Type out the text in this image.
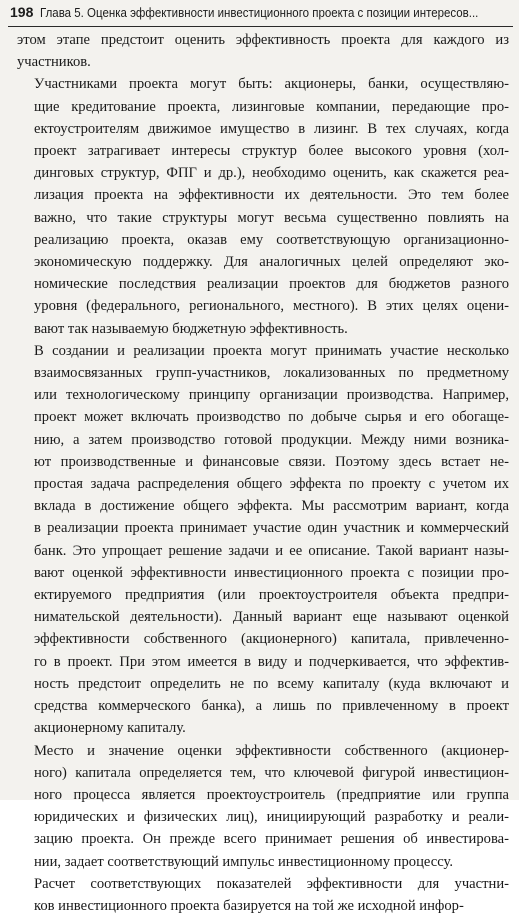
198 Глава 5. Оценка эффективности инвестиционного проекта с позиции интересов...

этом этапе предстоит оценить эффективность проекта для каждого из
участников.

Участниками проекта могут быть: акционеры, банки, осуществляю-
щие кредитование проекта, лизинговые компании, передающие про-
ектоустроителям движимое имущество в лизинг. В тех случаях, когда
проект затрагивает интересы структур более высокого уровня (хол-
динговых структур, ФПГ и др.), необходимо оценить, как скажется реа-
лизация проекта на эффективности их деятельности. Это тем более
важно, что такие структуры могут весьма существенно повлиять на
реализацию проекта, оказав ему соответствующую организационно-
экономическую поддержку. Для аналогичных целей определяют эко-
номические последствия реализации проектов для бюджетов разного
уровня (федерального, регионального, местного). В этих целях оцени-
вают так называемую бюджетную эффективность.

В создании и реализации проекта могут принимать участие несколько
взаимосвязанных групп-участников, локализованных по предметному
или технологическому принципу организации производства. Например,
проект может включать производство по добыче сырья и его обогаще-
нию, а затем производство готовой продукции. Между ними возника-
ют производственные и финансовые связи. Поэтому здесь встает не-
простая задача распределения общего эффекта по проекту с учетом их
вклада в достижение общего эффекта. Мы рассмотрим вариант, когда
в реализации проекта принимает участие один участник и коммерческий
банк. Это упрощает решение задачи и ее описание. Такой вариант назы-
вают оценкой эффективности инвестиционного проекта с позиции про-
ектируемого предприятия (или проектоустроителя объекта предпри-
нимательской деятельности). Данный вариант еще называют оценкой
эффективности собственного (акционерного) капитала, привлеченно-
го в проект. При этом имеется в виду и подчеркивается, что эффектив-
ность предстоит определить не по всему капиталу (куда включают и
средства коммерческого банка), а лишь по привлеченному в проект
акционерному капиталу.

Место и значение оценки эффективности собственного (акционер-
ного) капитала определяется тем, что ключевой фигурой инвестицион-
ного процесса является проектоустроитель (предприятие или группа
юридических и физических лиц), инициирующий разработку и реали-
зацию проекта. Он прежде всего принимает решения об инвестирова-
нии, задает соответствующий импульс инвестиционному процессу.

Расчет соответствующих показателей эффективности для участни-
ков инвестиционного проекта базируется на той же исходной инфор-
